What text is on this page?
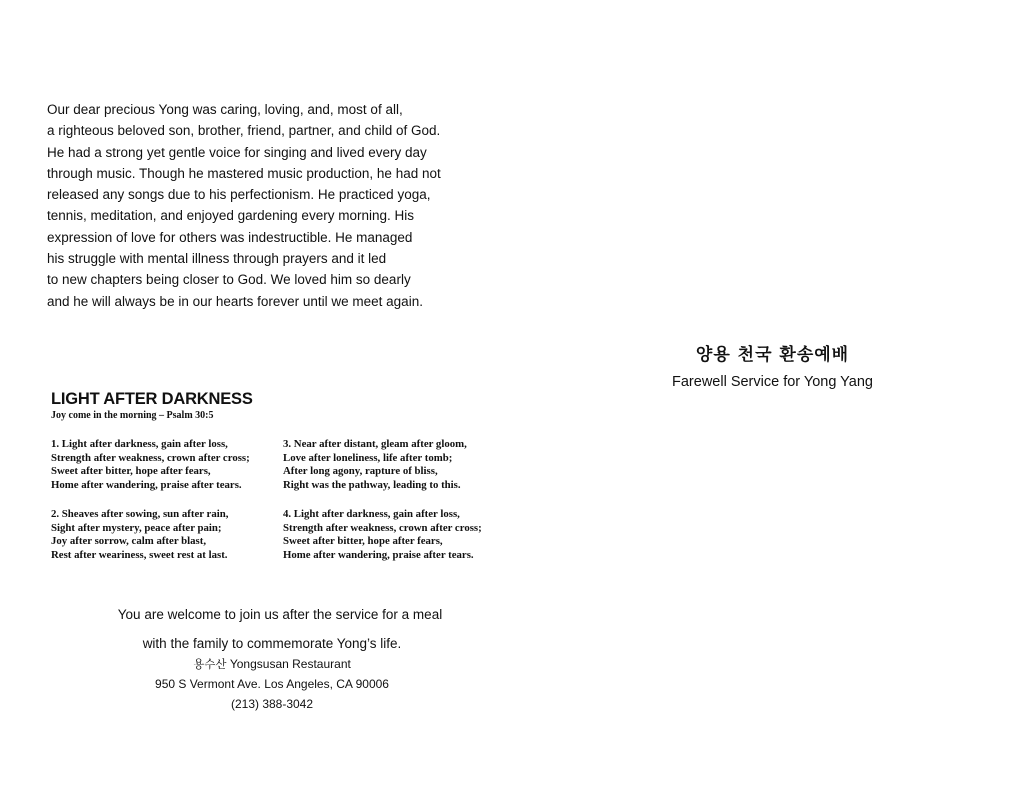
Our dear precious Yong was caring, loving, and, most of all,
a righteous beloved son, brother, friend, partner, and child of God.
He had a strong yet gentle voice for singing and lived every day
through music. Though he mastered music production, he had not
released any songs due to his perfectionism. He practiced yoga,
tennis, meditation, and enjoyed gardening every morning. His
expression of love for others was indestructible. He managed
his struggle with mental illness through prayers and it led
to new chapters being closer to God. We loved him so dearly
and he will always be in our hearts forever until we meet again.
양용 천국 환송예배
Farewell Service for Yong Yang
LIGHT AFTER DARKNESS
Joy come in the morning – Psalm 30:5
1. Light after darkness, gain after loss,
Strength after weakness, crown after cross;
Sweet after bitter, hope after fears,
Home after wandering, praise after tears.
2. Sheaves after sowing, sun after rain,
Sight after mystery, peace after pain;
Joy after sorrow, calm after blast,
Rest after weariness, sweet rest at last.
3. Near after distant, gleam after gloom,
Love after loneliness, life after tomb;
After long agony, rapture of bliss,
Right was the pathway, leading to this.
4. Light after darkness, gain after loss,
Strength after weakness, crown after cross;
Sweet after bitter, hope after fears,
Home after wandering, praise after tears.
You are welcome to join us after the service for a meal
with the family to commemorate Yong’s life.
용수산 Yongsusan Restaurant
950 S Vermont Ave. Los Angeles, CA 90006
(213) 388-3042
